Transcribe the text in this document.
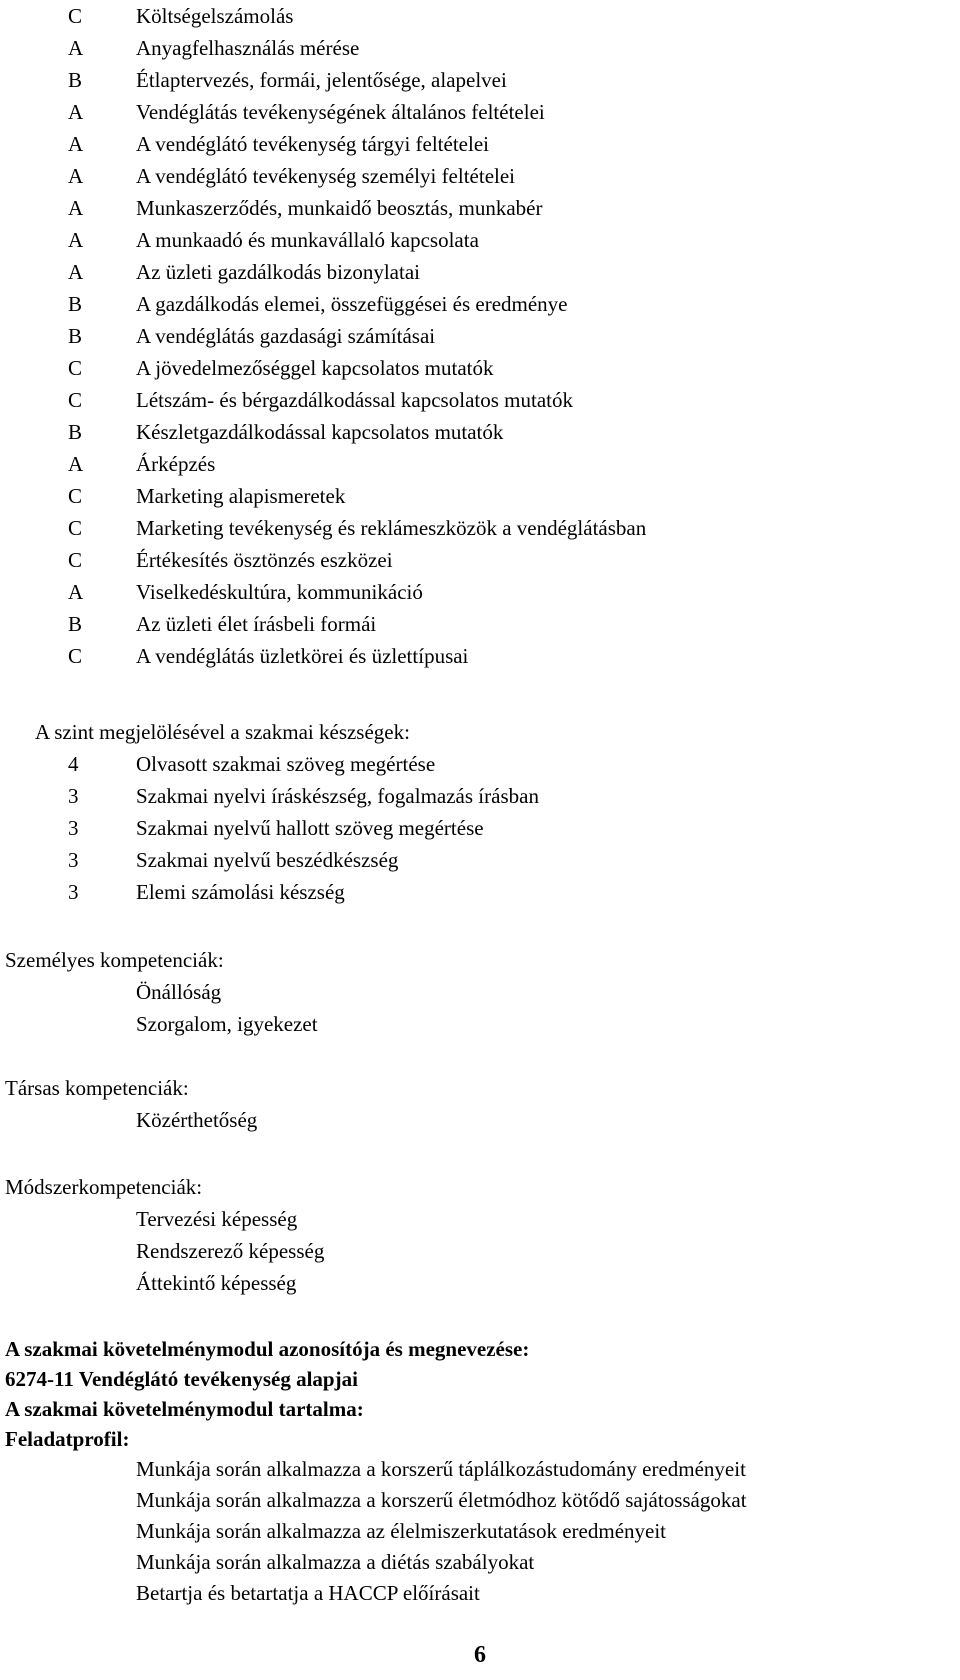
C	Költségelszámolás
A	Anyagfelhasználás mérése
B	Étlaptervezés, formái, jelentősége, alapelvei
A	Vendéglátás tevékenységének általános feltételei
A	A vendéglátó tevékenység tárgyi feltételei
A	A vendéglátó tevékenység személyi feltételei
A	Munkaszerződés, munkaidő beosztás, munkabér
A	A munkaadó és munkavállaló kapcsolata
A	Az üzleti gazdálkodás bizonylatai
B	A gazdálkodás elemei, összefüggései és eredménye
B	A vendéglátás gazdasági számításai
C	A jövedelmezőséggel kapcsolatos mutatók
C	Létszám- és bérgazdálkodással kapcsolatos mutatók
B	Készletgazdálkodással kapcsolatos mutatók
A	Árképzés
C	Marketing alapismeretek
C	Marketing tevékenység és reklámeszközök a vendéglátásban
C	Értékesítés ösztönzés eszközei
A	Viselkedéskultúra, kommunikáció
B	Az üzleti élet írásbeli formái
C	A vendéglátás üzletkörei és üzlettípusai
A szint megjelölésével a szakmai készségek:
4	Olvasott szakmai szöveg megértése
3	Szakmai nyelvi íráskészség, fogalmazás írásban
3	Szakmai nyelvű hallott szöveg megértése
3	Szakmai nyelvű beszédkészség
3	Elemi számolási készség
Személyes kompetenciák:
Önállóság
Szorgalom, igyekezet
Társas kompetenciák:
Közérthetőség
Módszerkompetenciák:
Tervezési képesség
Rendszerező képesség
Áttekintő képesség
A szakmai követelménymodul azonosítója és megnevezése:
6274-11 Vendéglátó tevékenység alapjai
A szakmai követelménymodul tartalma:
Feladatprofil:
Munkája során alkalmazza a korszerű táplálkozástudomány eredményeit
Munkája során alkalmazza a korszerű életmódhoz kötődő sajátosságokat
Munkája során alkalmazza az élelmiszerkutatások eredményeit
Munkája során alkalmazza a diétás szabályokat
Betartja és betartatja a HACCP előírásait
6
